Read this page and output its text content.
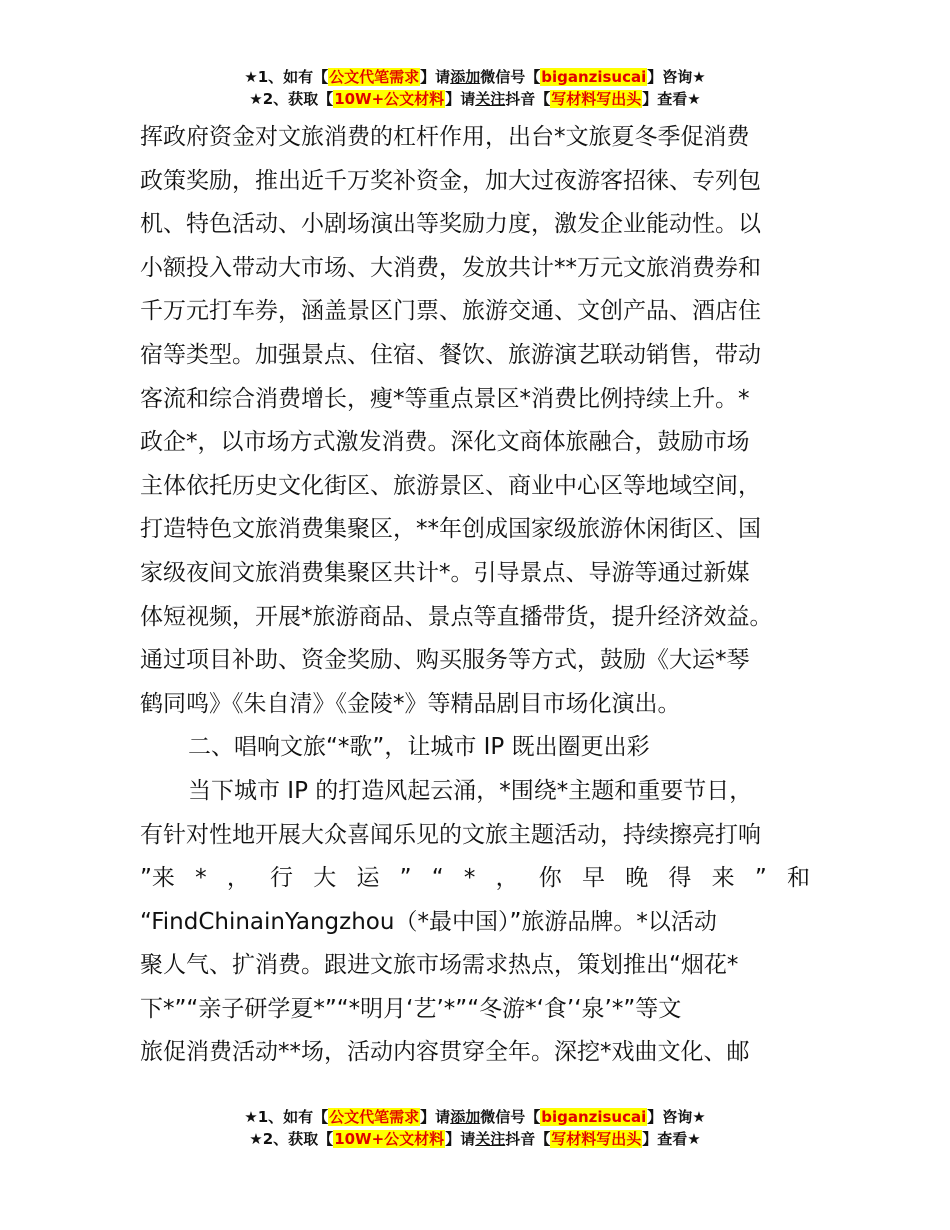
★1、如有【公文代笔需求】请添加微信号【biganzisucai】咨询★
★2、获取【10W+公文材料】请关注抖音【写材料写出头】查看★
挥政府资金对文旅消费的杠杆作用，出台*文旅夏冬季促消费
政策奖励，推出近千万奖补资金，加大过夜游客招徕、专列包
机、特色活动、小剧场演出等奖励力度，激发企业能动性。以
小额投入带动大市场、大消费，发放共计**万元文旅消费券和
千万元打车券，涵盖景区门票、旅游交通、文创产品、酒店住
宿等类型。加强景点、住宿、餐饮、旅游演艺联动销售，带动
客流和综合消费增长，瘦*等重点景区*消费比例持续上升。*
政企*，以市场方式激发消费。深化文商体旅融合，鼓励市场
主体依托历史文化街区、旅游景区、商业中心区等地域空间，
打造特色文旅消费集聚区，**年创成国家级旅游休闲街区、国
家级夜间文旅消费集聚区共计*。引导景点、导游等通过新媒
体短视频，开展*旅游商品、景点等直播带货，提升经济效益。
通过项目补助、资金奖励、购买服务等方式，鼓励《大运*琴
鹤同鸣》《朱自清》《金陵*》等精品剧目市场化演出。
二、唱响文旅“*歌”，让城市 IP 既出圈更出彩
当下城市 IP 的打造风起云涌，*围绕*主题和重要节日，
有针对性地开展大众喜闻乐见的文旅主题活动，持续擦亮打响
”来 * ， 行 大 运 ” “ * ， 你 早 晚 得 来 ” 和
“FindChinainYangzhou（*最中国）”旅游品牌。*以活动
聚人气、扩消费。跟进文旅市场需求热点，策划推出“烟花*
下*”“亲子研学夏*”“*明月‘艺’*”“冬游*‘食’‘泉’*”等文
旅促消费活动**场，活动内容贯穿全年。深挖*戏曲文化、邮
★1、如有【公文代笔需求】请添加微信号【biganzisucai】咨询★
★2、获取【10W+公文材料】请关注抖音【写材料写出头】查看★
